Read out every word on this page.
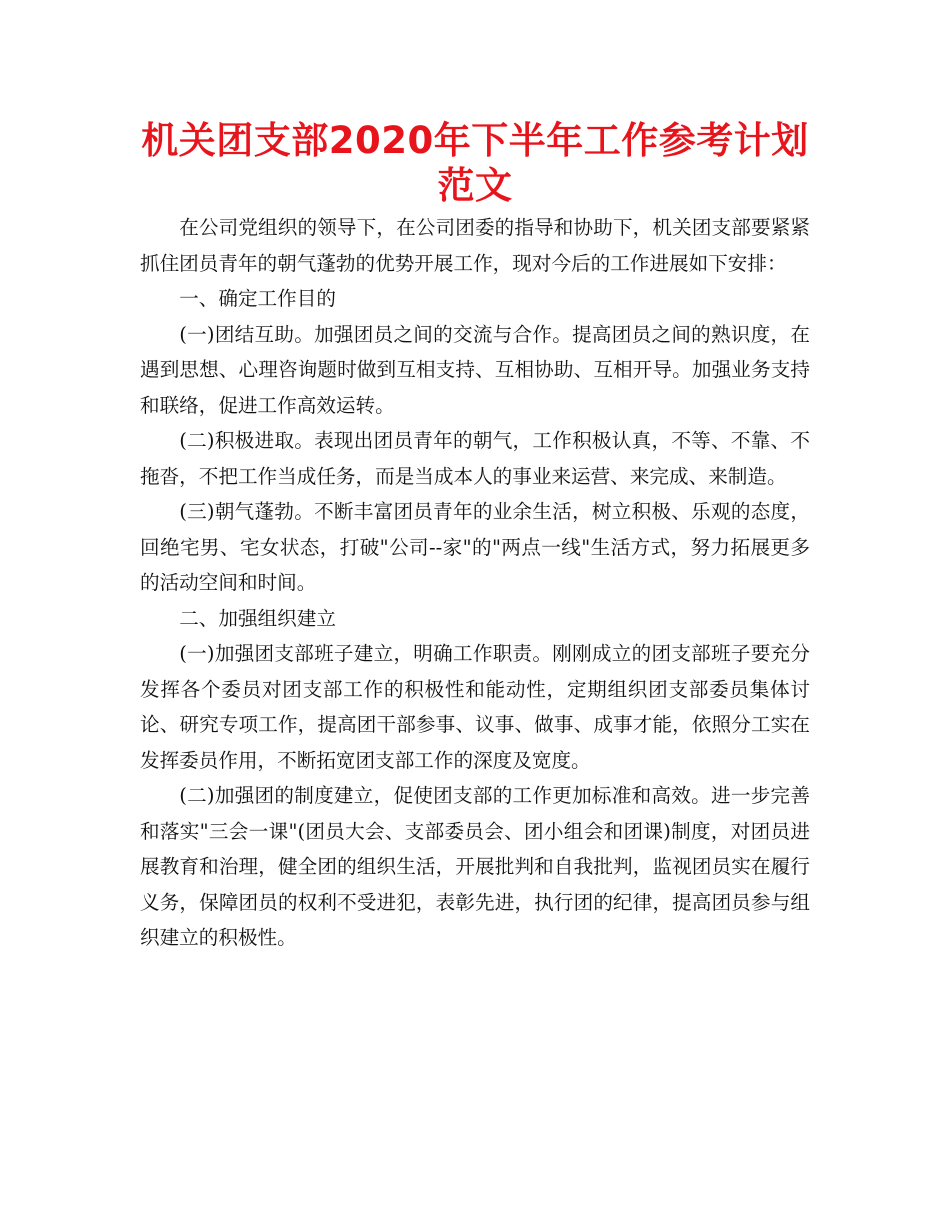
机关团支部2020年下半年工作参考计划范文

在公司党组织的领导下，在公司团委的指导和协助下，机关团支部要紧紧抓住团员青年的朝气蓬勃的优势开展工作，现对今后的工作进展如下安排：

一、确定工作目的

(一)团结互助。加强团员之间的交流与合作。提高团员之间的熟识度，在遇到思想、心理咨询题时做到互相支持、互相协助、互相开导。加强业务支持和联络，促进工作高效运转。

(二)积极进取。表现出团员青年的朝气，工作积极认真，不等、不靠、不拖沓，不把工作当成任务，而是当成本人的事业来运营、来完成、来制造。

(三)朝气蓬勃。不断丰富团员青年的业余生活，树立积极、乐观的态度，回绝宅男、宅女状态，打破"公司--家"的"两点一线"生活方式，努力拓展更多的活动空间和时间。

二、加强组织建立

(一)加强团支部班子建立，明确工作职责。刚刚成立的团支部班子要充分发挥各个委员对团支部工作的积极性和能动性，定期组织团支部委员集体讨论、研究专项工作，提高团干部参事、议事、做事、成事才能，依照分工实在发挥委员作用，不断拓宽团支部工作的深度及宽度。

(二)加强团的制度建立，促使团支部的工作更加标准和高效。进一步完善和落实"三会一课"(团员大会、支部委员会、团小组会和团课)制度，对团员进展教育和治理，健全团的组织生活，开展批判和自我批判，监视团员实在履行义务，保障团员的权利不受进犯，表彰先进，执行团的纪律，提高团员参与组织建立的积极性。
